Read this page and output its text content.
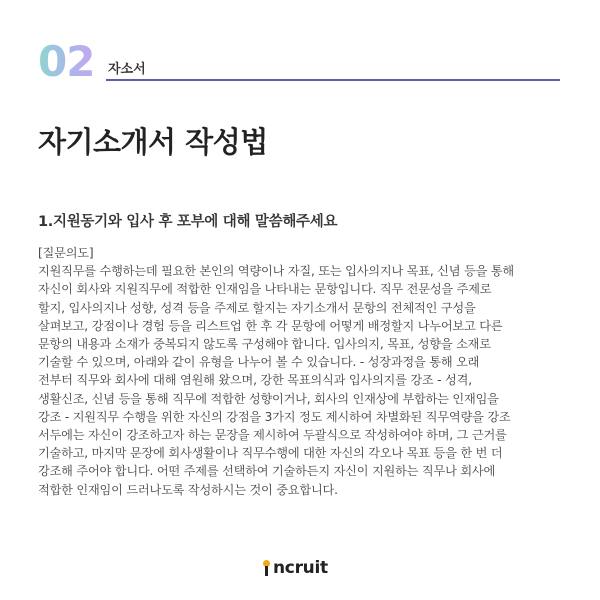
02 자소서
자기소개서 작성법
1.지원동기와 입사 후 포부에 대해 말씀해주세요

[질문의도]

지원직무를 수행하는데 필요한 본인의 역량이나 자질, 또는 입사의지나 목표, 신념 등을 통해

자신이 회사와 지원직무에 적합한 인재임을 나타내는 문항입니다. 직무 전문성을 주제로

할지, 입사의지나 성향, 성격 등을 주제로 할지는 자기소개서 문항의 전체적인 구성을

살펴보고, 강점이나 경험 등을 리스트업 한 후 각 문항에 어떻게 배정할지 나누어보고 다른

문항의 내용과 소재가 중복되지 않도록 구성해야 합니다. 입사의지, 목표, 성향을 소재로

기술할 수 있으며, 아래와 같이 유형을 나누어 볼 수 있습니다. - 성장과정을 통해 오래

전부터 직무와 회사에 대해 염원해 왔으며, 강한 목표의식과 입사의지를 강조 - 성격,

생활신조, 신념 등을 통해 직무에 적합한 성향이거나, 회사의 인재상에 부합하는 인재임을

강조 - 지원직무 수행을 위한 자신의 강점을 3가지 정도 제시하여 차별화된 직무역량을 강조

서두에는 자신이 강조하고자 하는 문장을 제시하여 두괄식으로 작성하여야 하며, 그 근거를

기술하고, 마지막 문장에 회사생활이나 직무수행에 대한 자신의 각오나 목표 등을 한 번 더

강조해 주어야 합니다. 어떤 주제를 선택하여 기술하든지 자신이 지원하는 직무나 회사에

적합한 인재임이 드러나도록 작성하시는 것이 중요합니다.

ncruit
